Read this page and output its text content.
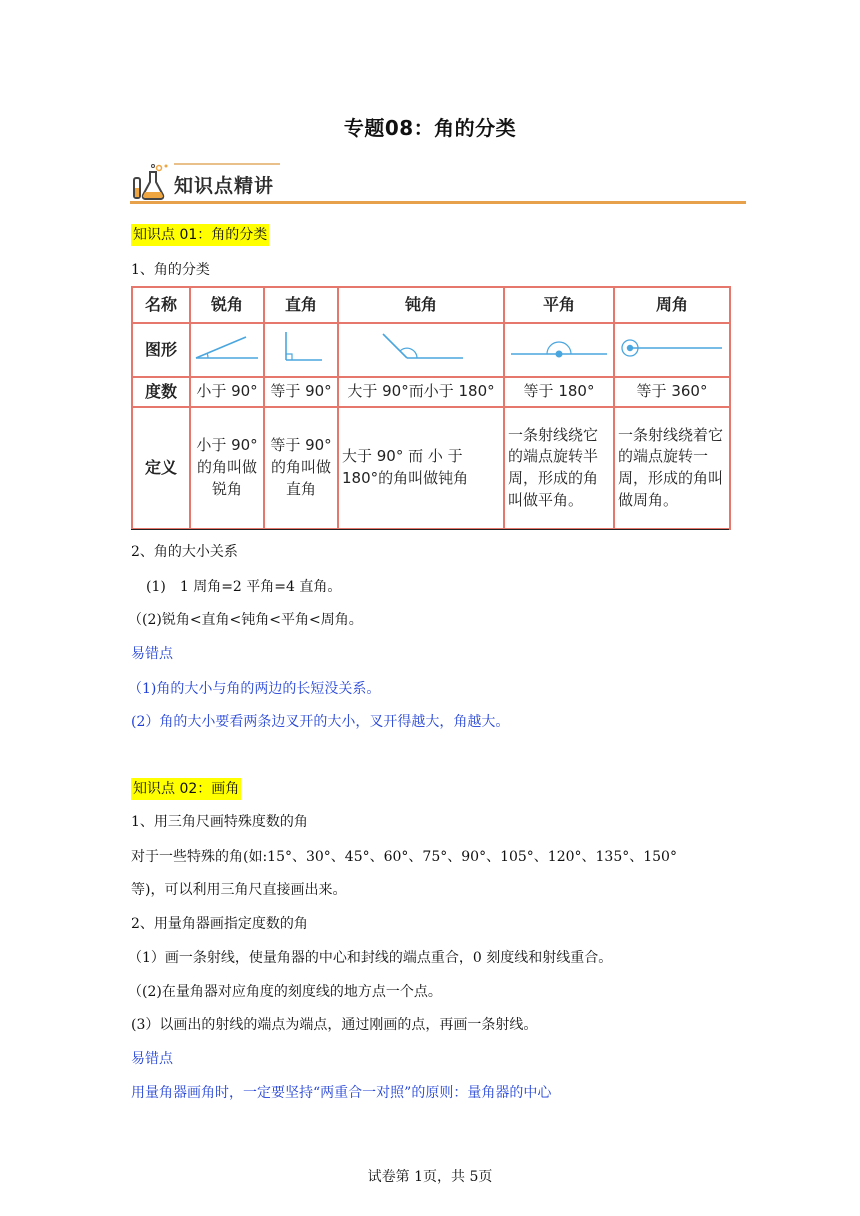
专题08：角的分类
知识点精讲
知识点 01：角的分类
1、角的分类
名称	锐角	直角	钝角	平角	周角
图形					
度数	小于 90°	等于 90°	大于 90°而小于 180°	等于 180°	等于 360°
定义	小于 90°的角叫做锐角	等于 90°的角叫做直角	大于 90° 而 小 于 180°的角叫做钝角	一条射线绕它的端点旋转半周，形成的角叫做平角。	一条射线绕着它的端点旋转一周，形成的角叫做周角。
2、角的大小关系
(1)　1 周角=2 平角=4 直角。
（(2)锐角<直角<钝角<平角<周角。
易错点
（1)角的大小与角的两边的长短没关系。
(2）角的大小要看两条边叉开的大小，叉开得越大，角越大。
知识点 02：画角
1、用三角尺画特殊度数的角
对于一些特殊的角(如:15°、30°、45°、60°、75°、90°、105°、120°、135°、150°
等)，可以利用三角尺直接画出来。
2、用量角器画指定度数的角
（1）画一条射线，使量角器的中心和封线的端点重合，0 刻度线和射线重合。
（(2)在量角器对应角度的刻度线的地方点一个点。
(3）以画出的射线的端点为端点，通过刚画的点，再画一条射线。
易错点
用量角器画角时，一定要坚持“两重合一对照”的原则：量角器的中心
试卷第 1页，共 5页
